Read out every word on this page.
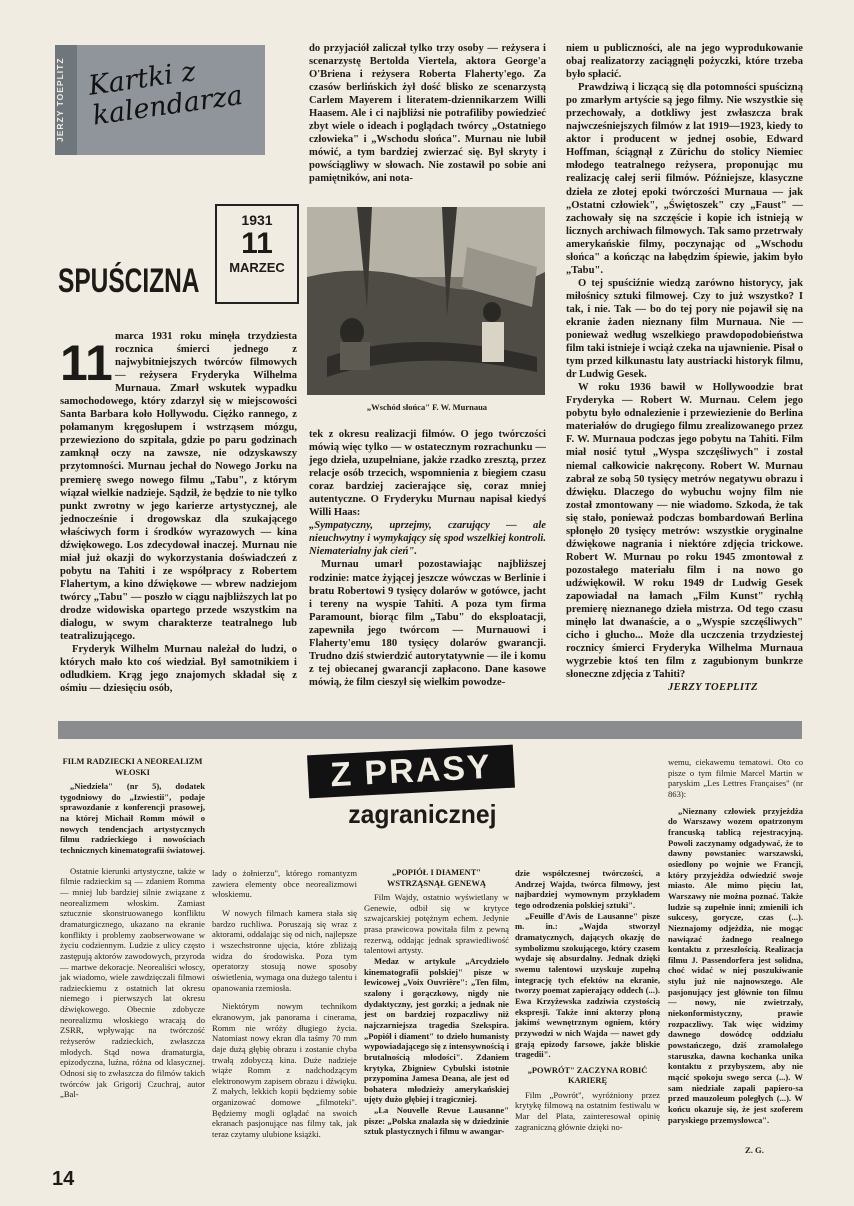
JERZY TOEPLITZ Kartki z kalendarza
1931
11
MARZEC
SPUŚCIZNA
11 marca 1931 roku minęła trzydziesta rocznica śmierci jednego z najwybitniejszych twórców filmowych — reżysera Fryderyka Wilhelma Murnaua. Zmarł wskutek wypadku samochodowego, który zdarzył się w miejscowości Santa Barbara koło Hollywodu. Ciężko rannego, z połamanym kręgosłupem i wstrząsem mózgu, przewieziono do szpitala, gdzie po paru godzinach zamknął oczy na zawsze, nie odzyskawszy przytomności. Murnau jechał do Nowego Jorku na premierę swego nowego filmu „Tabu", z którym wiązał wielkie nadzieje. Sądził, że będzie to nie tylko punkt zwrotny w jego karierze artystycznej, ale jednocześnie i drogowskaz dla szukającego właściwych form i środków wyrazowych — kina dźwiękowego. Los zdecydował inaczej. Murnau nie miał już okazji do wykorzystania doświadczeń z pobytu na Tahiti i ze współpracy z Robertem Flahertym, a kino dźwiękowe — wbrew nadziejom twórcy „Tabu" — poszło w ciągu najbliższych lat po drodze widowiska opartego przede wszystkim na dialogu, w swym charakterze teatralnego lub teatralizującego.

Fryderyk Wilhelm Murnau należał do ludzi, o których mało kto coś wiedział. Był samotnikiem i odludkiem. Krąg jego znajomych składał się z ośmiu — dziesięciu osób,

do przyjaciół zaliczał tylko trzy osoby — reżysera i scenarzystę Bertolda Viertela, aktora George'a O'Briena i reżysera Roberta Flaherty'ego. Za czasów berlińskich żył dość blisko ze scenarzystą Carlem Mayerem i literatem-dziennikarzem Willi Haasem. Ale i ci najbliżsi nie potrafiliby powiedzieć zbyt wiele o ideach i poglądach twórcy „Ostatniego człowieka" i „Wschodu słońca". Murnau nie lubił mówić, a tym bardziej zwierzać się. Był skryty i powściągliwy w słowach. Nie zostawił po sobie ani pamiętników, ani nota-

„Wschód słońca" F. W. Murnaua

tek z okresu realizacji filmów. O jego twórczości mówią więc tylko — w ostatecznym rozrachunku — jego dzieła, uzupełniane, jakże rzadko zresztą, przez relacje osób trzecich, wspomnienia z biegiem czasu coraz bardziej zacierające się, coraz mniej autentyczne. O Fryderyku Murnau napisał kiedyś Willi Haas:

„Sympatyczny, uprzejmy, czarujący — ale nieuchwytny i wymykający się spod wszelkiej kontroli. Niematerialny jak cień".

Murnau umarł pozostawiając najbliższej rodzinie: matce żyjącej jeszcze wówczas w Berlinie i bratu Robertowi 9 tysięcy dolarów w gotówce, jacht i tereny na wyspie Tahiti. A poza tym firma Paramount, biorąc film „Tabu" do eksploatacji, zapewniła jego twórcom — Murnauowi i Flaherty'emu 180 tysięcy dolarów gwarancji. Trudno dziś stwierdzić autorytatywnie — ile i komu z tej obiecanej gwarancji zapłacono. Dane kasowe mówią, że film cieszył się wielkim powodze-

niem u publiczności, ale na jego wyprodukowanie obaj realizatorzy zaciągnęli pożyczki, które trzeba było spłacić.

Prawdziwą i liczącą się dla potomności spuścizną po zmarłym artyście są jego filmy. Nie wszystkie się przechowały, a dotkliwy jest zwłaszcza brak najwcześniejszych filmów z lat 1919—1923, kiedy to aktor i producent w jednej osobie, Edward Hoffman, ściągnął z Zürichu do stolicy Niemiec młodego teatralnego reżysera, proponując mu realizację całej serii filmów. Późniejsze, klasyczne dzieła ze złotej epoki twórczości Murnaua — jak „Ostatni człowiek", „Świętoszek" czy „Faust" — zachowały się na szczęście i kopie ich istnieją w licznych archiwach filmowych. Tak samo przetrwały amerykańskie filmy, poczynając od „Wschodu słońca" a kończąc na łabędzim śpiewie, jakim było „Tabu".

O tej spuściźnie wiedzą zarówno historycy, jak miłośnicy sztuki filmowej. Czy to już wszystko? I tak, i nie. Tak — bo do tej pory nie pojawił się na ekranie żaden nieznany film Murnaua. Nie — ponieważ według wszelkiego prawdopodobieństwa film taki istnieje i wciąż czeka na ujawnienie. Pisał o tym przed kilkunastu laty austriacki historyk filmu, dr Ludwig Gesek.

W roku 1936 bawił w Hollywoodzie brat Fryderyka — Robert W. Murnau. Celem jego pobytu było odnalezienie i przewiezienie do Berlina materiałów do drugiego filmu zrealizowanego przez F. W. Murnaua podczas jego pobytu na Tahiti. Film miał nosić tytuł „Wyspa szczęśliwych" i został niemal całkowicie nakręcony. Robert W. Murnau zabrał ze sobą 50 tysięcy metrów negatywu obrazu i dźwięku. Dlaczego do wybuchu wojny film nie został zmontowany — nie wiadomo. Szkoda, że tak się stało, ponieważ podczas bombardowań Berlina spłonęło 20 tysięcy metrów: wszystkie oryginalne dźwiękowe nagrania i niektóre zdjęcia trickowe. Robert W. Murnau po roku 1945 zmontował z pozostałego materiału film i na nowo go udźwiękowił. W roku 1949 dr Ludwig Gesek zapowiadał na łamach „Film Kunst" rychłą premierę nieznanego dzieła mistrza. Od tego czasu minęło lat dwanaście, a o „Wyspie szczęśliwych" cicho i głucho... Może dla uczczenia trzydziestej rocznicy śmierci Fryderyka Wilhelma Murnaua wygrzebie ktoś ten film z zagubionym bunkrze słoneczne zdjęcia z Tahiti?

JERZY TOEPLITZ
Z PRASY
zagranicznej

FILM RADZIECKI A NEOREALIZM WŁOSKI

„Niedziela" (nr 5), dodatek tygodniowy do „Izwiestii", podaje sprawozdanie z konferencji prasowej, na której Michaił Romm mówił o nowych tendencjach artystycznych filmu radzieckiego i nowościach technicznych kinematografii światowej.

Ostatnie kierunki artystyczne, także w filmie radzieckim są — zdaniem Romma — mniej lub bardziej silnie związane z neorealizmem włoskim. Zamiast sztucznie skonstruowanego konfliktu dramaturgicznego, ukazano na ekranie konflikty i problemy zaobserwowane w życiu codziennym. Ludzie z ulicy często zastępują aktorów zawodowych, przyroda — martwe dekoracje. Neorealiści włoscy, jak wiadomo, wiele zawdzięczali filmowi radzieckiemu z ostatnich lat okresu niemego i pierwszych lat okresu dźwiękowego. Obecnie zdobycze neorealizmu włoskiego wracają do ZSRR, wpływając na twórczość reżyserów radzieckich, zwłaszcza młodych. Stąd nowa dramaturgia, epizodyczna, luźna, różna od klasycznej. Odnosi się to zwłaszcza do filmów takich twórców jak Grigorij Czuchraj, autor „Bal-

lady o żołnierzu", którego romantyzm zawiera elementy obce neorealizmowi włoskiemu.

W nowych filmach kamera stała się bardzo ruchliwa. Poruszają się wraz z aktorami, oddalając się od nich, najlepsze i wszechstronne ujęcia, które zbliżają widza do środowiska. Poza tym operatorzy stosują nowe sposoby oświetlenia, wymaga ona dużego talentu i opanowania rzemiosła.

Niektórym nowym technikom ekranowym, jak panorama i cinerama, Romm nie wróży długiego życia. Natomiast nowy ekran dla taśmy 70 mm daje dużą głębię obrazu i zostanie chyba trwałą zdobyczą kina. Duże nadzieje wiąże Romm z nadchodzącym elektronowym zapisem obrazu i dźwięku. Z małych, lekkich kopii będziemy sobie organizować domowe „filmoteki". Będziemy mogli oglądać na swoich ekranach pasjonujące nas filmy tak, jak teraz czytamy ulubione książki.

„POPIÓŁ I DIAMENT" WSTRZĄSNĄŁ GENEWĄ

Film Wajdy, ostatnio wyświetlany w Genewie, odbił się w krytyce szwajcarskiej potężnym echem. Jedynie prasa prawicowa powitała film z pewną rezerwą, oddając jednak sprawiedliwość talentowi artysty.

Medaz w artykule „Arcydzieło kinematografii polskiej" pisze w lewicowej „Voix Ouvrière": „Ten film, szalony i gorączkowy, nigdy nie dydaktyczny, jest gorzki; a jednak nie jest on bardziej rozpaczliwy niż najczarniejsza tragedia Szekspira. „Popiół i diament" to dzieło humanisty wypowiadającego się z intensywnością i brutalnością młodości". Zdaniem krytyka, Zbigniew Cybulski istotnie przypomina Jamesa Deana, ale jest od bohatera młodzieży amerykańskiej ujęty dużo głębiej i tragiczniej.

„La Nouvelle Revue Lausanne" pisze: „Polska znalazła się w dziedzinie sztuk plastycznych i filmu w awangar-

dzie współczesnej twórczości, a Andrzej Wajda, twórca filmowy, jest najbardziej wymownym przykładem tego odrodzenia polskiej sztuki".

„Feuille d'Avis de Lausanne" pisze m. in.: „Wajda stworzył dramatycznych, dających okazję do symbolizmu szokującego, który czasem wydaje się absurdalny. Jednak dzięki swemu talentowi uzyskuje zupełną integrację tych efektów na ekranie, tworzy poemat zapierający oddech (...). Ewa Krzyżewska zadziwia czystością ekspresji. Także inni aktorzy płoną jakimś wewnętrznym ogniem, który przywodzi w nich Wajda — nawet gdy grają epizody farsowe, jakże bliskie tragedii".

„POWRÓT" ZACZYNA ROBIĆ KARIERĘ

Film „Powrót", wyróżniony przez krytykę filmową na ostatnim festiwalu w Mar del Plata, zainteresował opinię zagraniczną głównie dzięki no-

wemu, ciekawemu tematowi. Oto co pisze o tym filmie Marcel Martin w paryskim „Les Lettres Françaises" (nr 863):

„Nieznany człowiek przyjeżdża do Warszawy wozem opatrzonym francuską tablicą rejestracyjną. Powoli zaczynamy odgadywać, że to dawny powstaniec warszawski, osiedlony po wojnie we Francji, który przyjeżdża odwiedzić swoje miasto. Ale mimo pięciu lat, Warszawy nie można poznać. Także ludzie są zupełnie inni; zmienili ich sukcesy, gorycze, czas (...). Nieznajomy odjeżdża, nie mogąc nawiązać żadnego realnego kontaktu z przeszłością. Realizacja filmu J. Passendorfera jest solidna, choć widać w niej poszukiwanie stylu już nie najnowszego. Ale pasjonujący jest głównie ton filmu — nowy, nie zwietrzały, niekonformistyczny, prawie rozpaczliwy. Tak więc widzimy dawnego dowódcę oddziału powstańczego, dziś zramolałego staruszka, dawna kochanka unika kontaktu z przybyszem, aby nie mącić spokoju swego serca (...). W sam niedziałe zapali papiero-sa przed mauzoleum poległych (...). W końcu okazuje się, że jest szoferem paryskiego przemysłowca".

Z. G.
14
